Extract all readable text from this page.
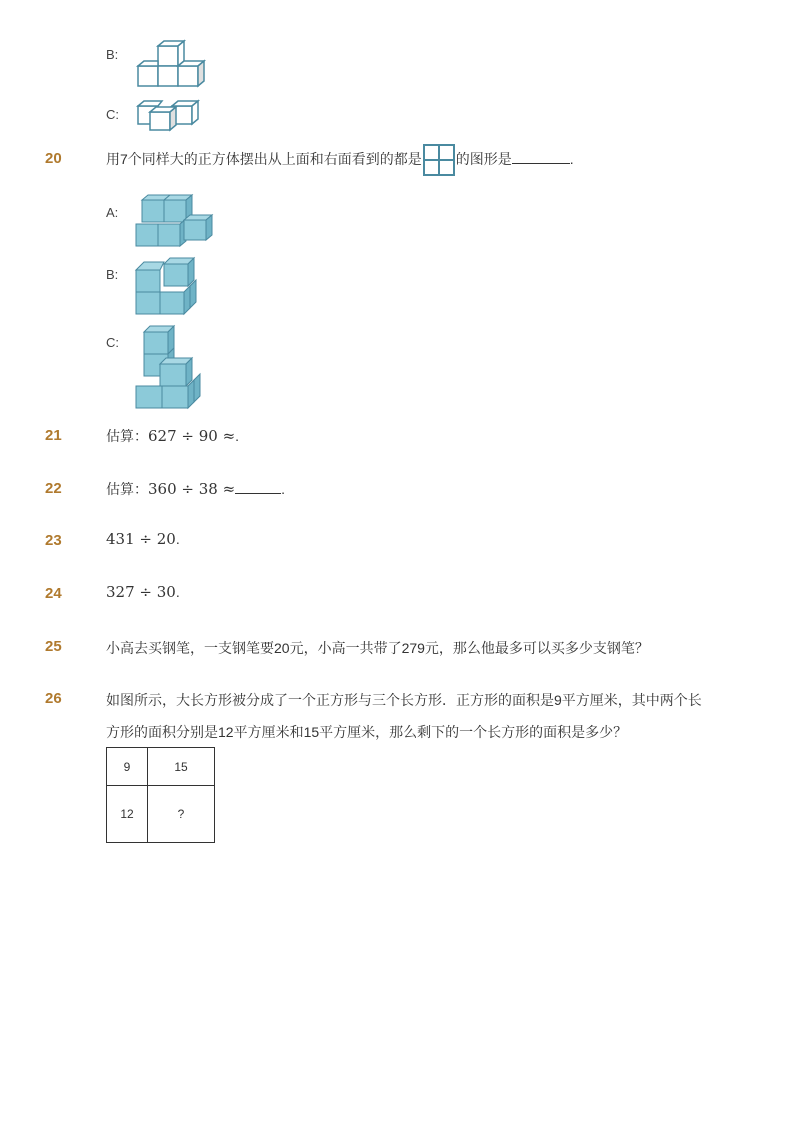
B:
C:
20	用7个同样大的正方体摆出从上面和右面看到的都是 的图形是	.
A:
B:
C:
21	估算：627 ÷ 90 ≈.
22	估算：360 ÷ 38 ≈	.
23	431 ÷ 20.
24	327 ÷ 30.
25	小高去买钢笔，一支钢笔要20元，小高一共带了279元，那么他最多可以买多少支钢笔？
26	如图所示，大长方形被分成了一个正方形与三个长方形．正方形的面积是9平方厘米，其中两个长
方形的面积分别是12平方厘米和15平方厘米，那么剩下的一个长方形的面积是多少？
9	15
12	?
